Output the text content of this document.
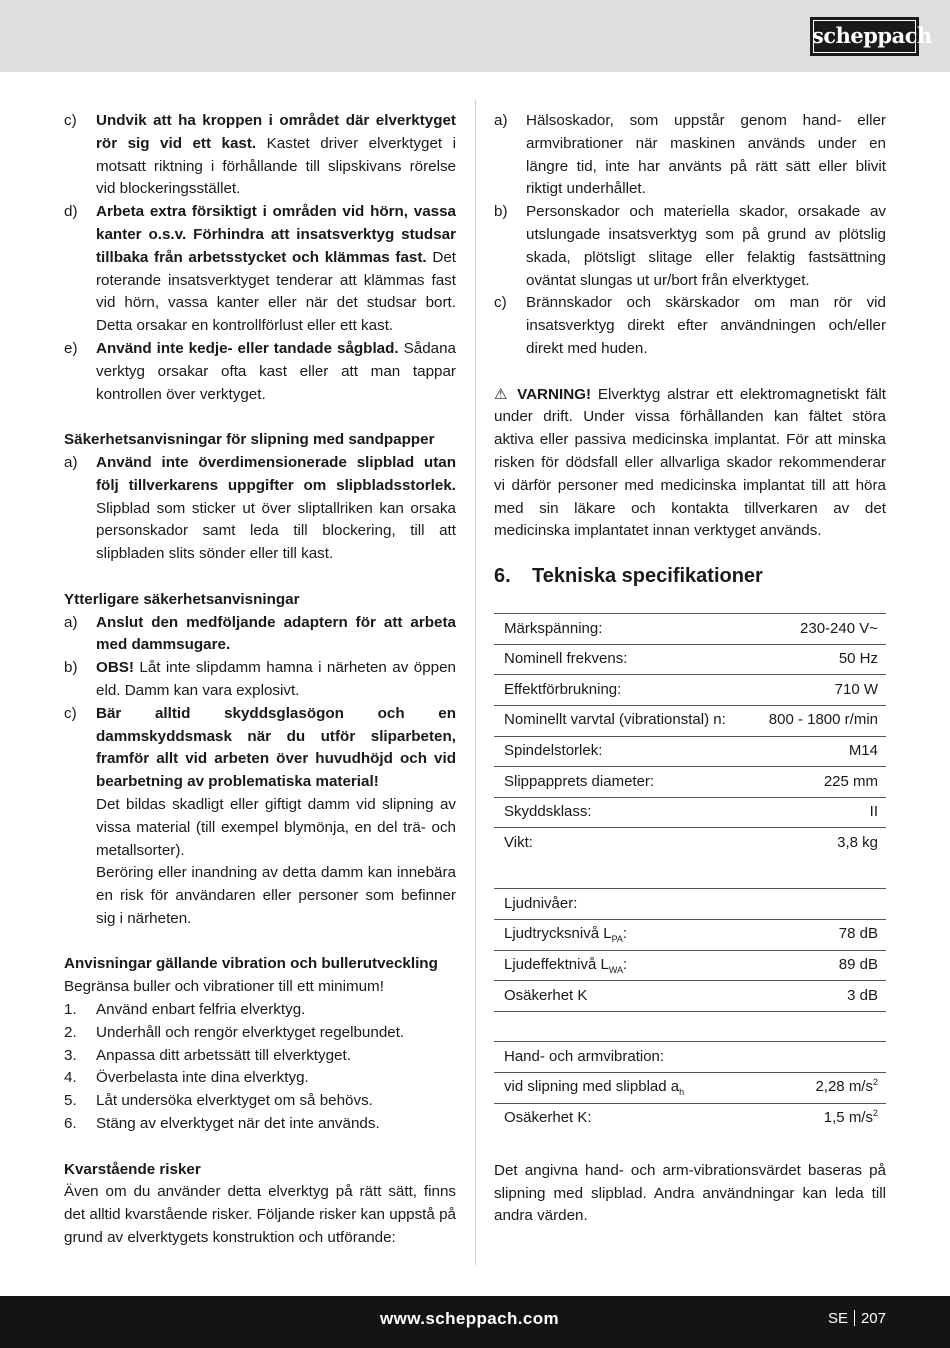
scheppach
c) Undvik att ha kroppen i området där elverktyget rör sig vid ett kast. Kastet driver elverktyget i motsatt riktning i förhållande till slipskivans rörelse vid blockeringsstället.
d) Arbeta extra försiktigt i områden vid hörn, vassa kanter o.s.v. Förhindra att insatsverktyg studsar tillbaka från arbetsstycket och klämmas fast. Det roterande insatsverktyget tenderar att klämmas fast vid hörn, vassa kanter eller när det studsar bort. Detta orsakar en kontrollförlust eller ett kast.
e) Använd inte kedje- eller tandade sågblad. Sådana verktyg orsakar ofta kast eller att man tappar kontrollen över verktyget.
Säkerhetsanvisningar för slipning med sandpapper
a) Använd inte överdimensionerade slipblad utan följ tillverkarens uppgifter om slipbladsstorlek. Slipblad som sticker ut över sliptallriken kan orsaka personskador samt leda till blockering, till att slipbladen slits sönder eller till kast.
Ytterligare säkerhetsanvisningar
a) Anslut den medföljande adaptern för att arbeta med dammsugare.
b) OBS! Låt inte slipdamm hamna i närheten av öppen eld. Damm kan vara explosivt.
c) Bär alltid skyddsglasögon och en dammskyddsmask när du utför sliparbeten, framför allt vid arbeten över huvudhöjd och vid bearbetning av problematiska material!
Det bildas skadligt eller giftigt damm vid slipning av vissa material (till exempel blymönja, en del trä- och metallsorter).
Beröring eller inandning av detta damm kan innebära en risk för användaren eller personer som befinner sig i närheten.
Anvisningar gällande vibration och bullerutveckling

Begränsa buller och vibrationer till ett minimum!

1. Använd enbart felfria elverktyg.
2. Underhåll och rengör elverktyget regelbundet.
3. Anpassa ditt arbetssätt till elverktyget.
4. Överbelasta inte dina elverktyg.
5. Låt undersöka elverktyget om så behövs.
6. Stäng av elverktyget när det inte används.
Kvarstående risker

Även om du använder detta elverktyg på rätt sätt, finns det alltid kvarstående risker. Följande risker kan uppstå på grund av elverktygets konstruktion och utförande:

a) Hälsoskador, som uppstår genom hand- eller armvibrationer när maskinen används under en längre tid, inte har använts på rätt sätt eller blivit riktigt underhållet.
b) Personskador och materiella skador, orsakade av utslungade insatsverktyg som på grund av plötslig skada, plötsligt slitage eller felaktig fastsättning oväntat slungas ut ur/bort från elverktyget.
c) Brännskador och skärskador om man rör vid insatsverktyg direkt efter användningen och/eller direkt med huden.

⚠ VARNING! Elverktyg alstrar ett elektromagnetiskt fält under drift. Under vissa förhållanden kan fältet störa aktiva eller passiva medicinska implantat. För att minska risken för dödsfall eller allvarliga skador rekommenderar vi därför personer med medicinska implantat till att höra med sin läkare och kontakta tillverkaren av det medicinska implantatet innan verktyget används.

6. Tekniska specifikationer
Märkspänning:	230-240 V~
Nominell frekvens:	50 Hz
Effektförbrukning:	710 W
Nominellt varvtal (vibrationstal) n:	800 - 1800 r/min
Spindelstorlek:	M14
Slippapprets diameter:	225 mm
Skyddsklass:	II
Vikt:	3,8 kg

Ljudnivåer:	
Ljudtrycksnivå $L_{PA}$:	78 dB
Ljudeffektnivå $L_{WA}$:	89 dB
Osäkerhet K	3 dB

Hand- och armvibration:	
vid slipning med slipblad $a_h$	2,28 $m/s^2$
Osäkerhet K:	1,5 $m/s^2$

Det angivna hand- och arm-vibrationsvärdet baseras på slipning med slipblad. Andra användningar kan leda till andra värden.

www.scheppach.com	SE 207
